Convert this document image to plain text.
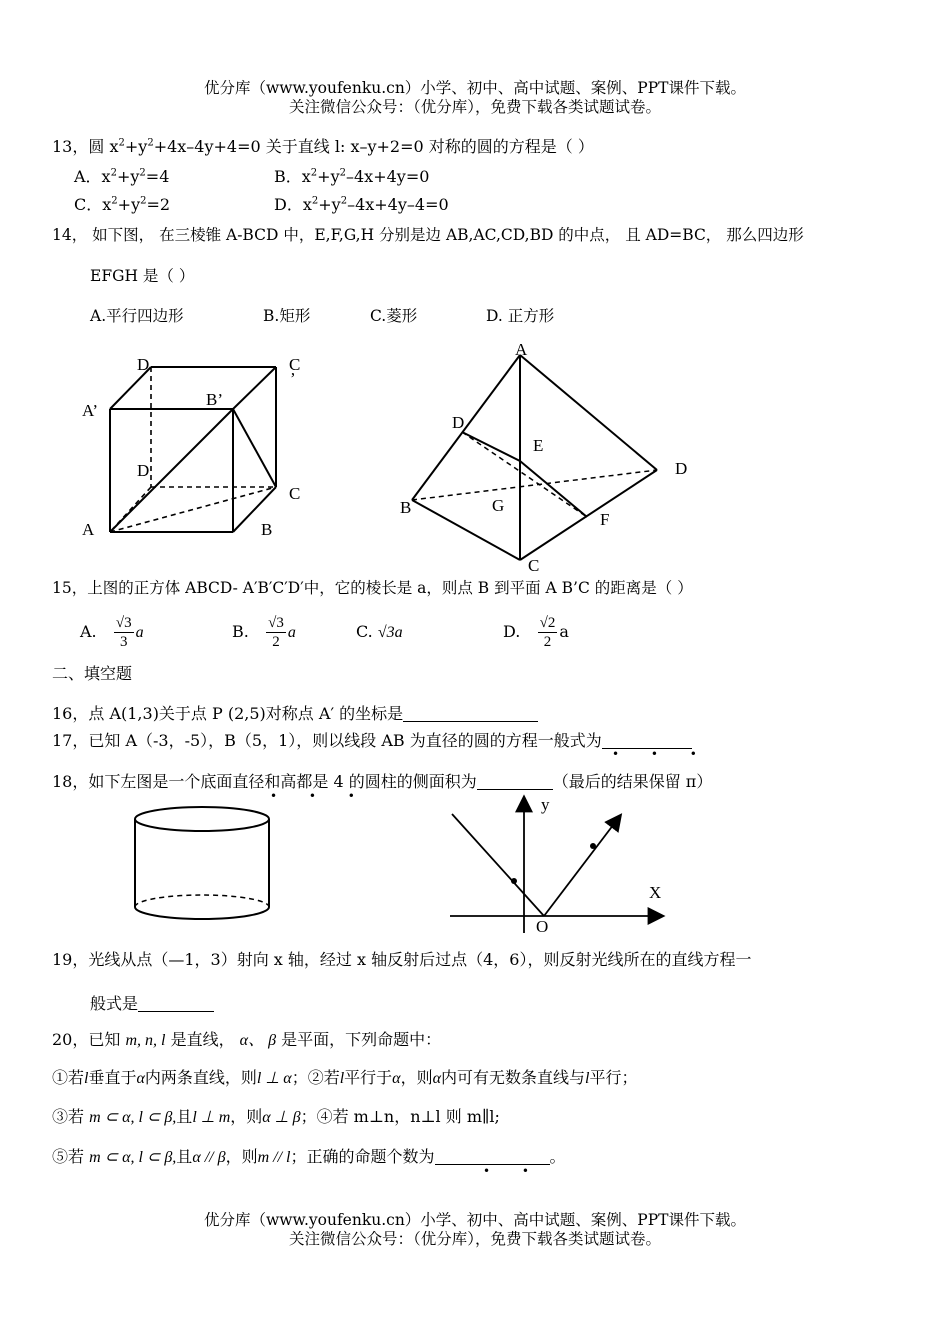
优分库（www.youfenku.cn）小学、初中、高中试题、案例、PPT课件下载。
关注微信公众号：（优分库），免费下载各类试题试卷。
13，圆 $x^2+y^2+4x-4y+4=0$ 关于直线 l: x–y+2=0 对称的圆的方程是（ ）
A．$x^2+y^2=4$	B．$x^2+y^2-4x+4y=0$
C．$x^2+y^2=2$	D．$x^2+y^2-4x+4y-4=0$
14， 如下图， 在三棱锥 A-BCD 中，E,F,G,H 分别是边 AB,AC,CD,BD 的中点， 且 AD=BC， 那么四边形
EFGH 是（ ）
A.平行四边形	B.矩形	C.菱形	D. 正方形
D	C
’
A’
B’
D
C
A	B
A
D
E
D
B	G
F
C
15，上图的正方体 ABCD- A′B′C′D′中，它的棱长是 a，则点 B 到平面 A B’C 的距离是（ ）
A. $\frac{√3}{3}$ a	B. $\frac{√3}{2}$ a	C. √3a	D. $\frac{√2}{2}$ a
二、填空题
16，点 A(1,3)关于点 P (2,5)对称点 A′ 的坐标是
17，已知 A（-3，-5），B（5，1），则以线段 AB 为直径的圆的方程一般式为
• • •
18，如下左图是一个底面直径和高都是 4 的圆柱的侧面积为	（最后的结果保留 π）
• • •	y
X
O
19，光线从点（—1，3）射向 x 轴，经过 x 轴反射后过点（4，6），则反射光线所在的直线方程一
般式是
20，已知 m, n, l 是直线， α、 β 是平面，下列命题中：
①若l垂直于α内两条直线，则l ⊥ α；②若l平行于α，则α内可有无数条直线与l平行；
③若 m ⊂ α, l ⊂ β,且l ⊥ m，则α ⊥ β；④若 m⊥n，n⊥l 则 m∥l;
⑤若 m ⊂ α, l ⊂ β,且α // β，则m // l；正确的命题个数为	。
• •
优分库（www.youfenku.cn）小学、初中、高中试题、案例、PPT课件下载。
关注微信公众号：（优分库），免费下载各类试题试卷。
